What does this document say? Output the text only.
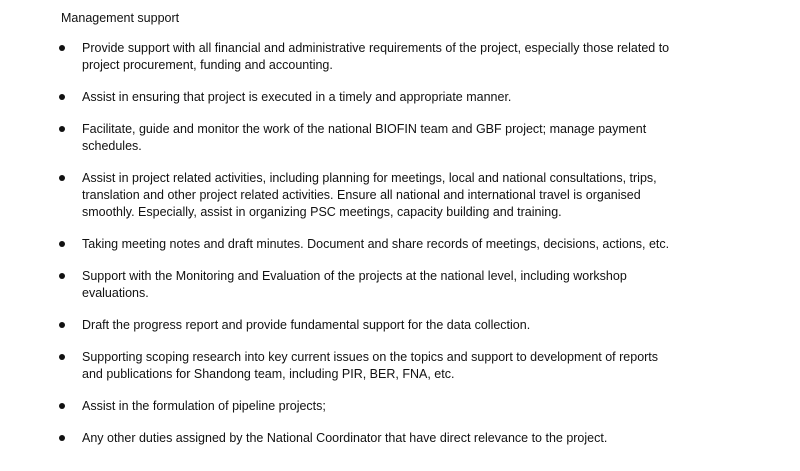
Management support
Provide support with all financial and administrative requirements of the project, especially those related to project procurement, funding and accounting.
Assist in ensuring that project is executed in a timely and appropriate manner.
Facilitate, guide and monitor the work of the national BIOFIN team and GBF project; manage payment schedules.
Assist in project related activities, including planning for meetings, local and national consultations, trips, translation and other project related activities. Ensure all national and international travel is organised smoothly. Especially, assist in organizing PSC meetings, capacity building and training.
Taking meeting notes and draft minutes. Document and share records of meetings, decisions, actions, etc.
Support with the Monitoring and Evaluation of the projects at the national level, including workshop evaluations.
Draft the progress report and provide fundamental support for the data collection.
Supporting scoping research into key current issues on the topics and support to development of reports and publications for Shandong team, including PIR, BER, FNA, etc.
Assist in the formulation of pipeline projects;
Any other duties assigned by the National Coordinator that have direct relevance to the project.
